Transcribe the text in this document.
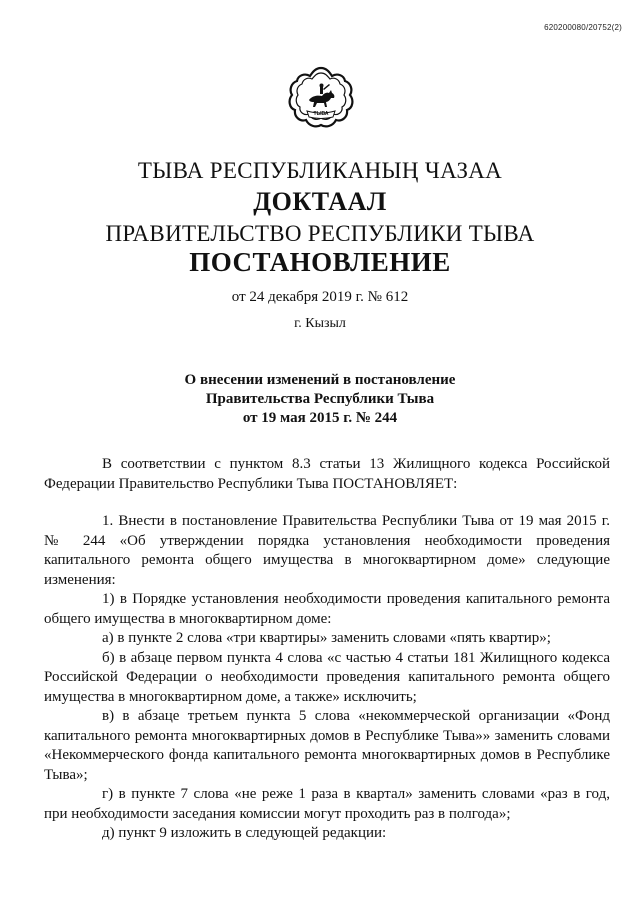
620200080/20752(2)
ТЫВА
ТЫВА РЕСПУБЛИКАНЫҢ ЧАЗАА
ДОКТААЛ
ПРАВИТЕЛЬСТВО РЕСПУБЛИКИ ТЫВА
ПОСТАНОВЛЕНИЕ
от 24 декабря 2019 г. № 612
г. Кызыл
О внесении изменений в постановление
Правительства Республики Тыва
от 19 мая 2015 г. № 244

В соответствии с пунктом 8.3 статьи 13 Жилищного кодекса Российской Федерации Правительство Республики Тыва ПОСТАНОВЛЯЕТ:

1. Внести в постановление Правительства Республики Тыва от 19 мая 2015 г. № 244 «Об утверждении порядка установления необходимости проведения капитального ремонта общего имущества в многоквартирном доме» следующие изменения:

1) в Порядке установления необходимости проведения капитального ремонта общего имущества в многоквартирном доме:

а) в пункте 2 слова «три квартиры» заменить словами «пять квартир»;

б) в абзаце первом пункта 4 слова «с частью 4 статьи 181 Жилищного кодекса Российской Федерации о необходимости проведения капитального ремонта общего имущества в многоквартирном доме, а также» исключить;

в) в абзаце третьем пункта 5 слова «некоммерческой организации «Фонд капитального ремонта многоквартирных домов в Республике Тыва»» заменить словами «Некоммерческого фонда капитального ремонта многоквартирных домов в Республике Тыва»;

г) в пункте 7 слова «не реже 1 раза в квартал» заменить словами «раз в год, при необходимости заседания комиссии могут проходить раз в полгода»;

д) пункт 9 изложить в следующей редакции:
